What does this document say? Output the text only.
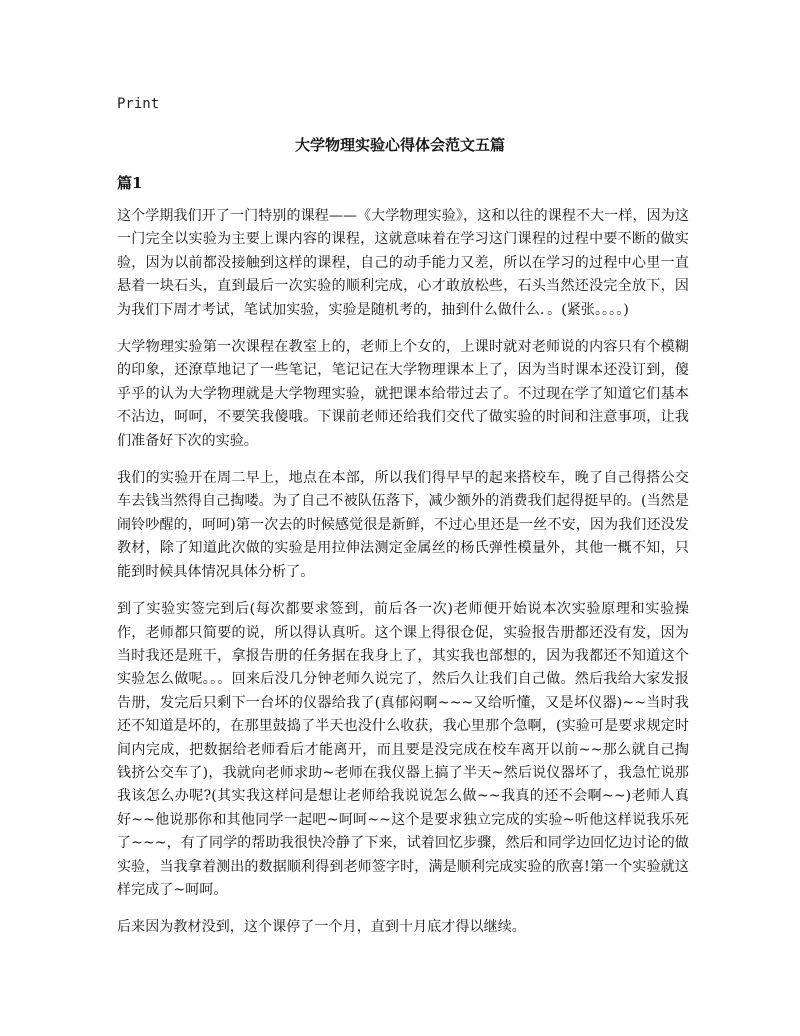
Print
大学物理实验心得体会范文五篇
篇1

这个学期我们开了一门特别的课程——《大学物理实验》，这和以往的课程不大一样，因为这一门完全以实验为主要上课内容的课程，这就意味着在学习这门课程的过程中要不断的做实验，因为以前都没接触到这样的课程，自己的动手能力又差，所以在学习的过程中心里一直悬着一块石头，直到最后一次实验的顺利完成，心才敢放松些，石头当然还没完全放下，因为我们下周才考试，笔试加实验，实验是随机考的，抽到什么做什么．。(紧张。。。。)

大学物理实验第一次课程在教室上的，老师上个女的，上课时就对老师说的内容只有个模糊的印象，还潦草地记了一些笔记，笔记记在大学物理课本上了，因为当时课本还没订到，傻乎乎的认为大学物理就是大学物理实验，就把课本给带过去了。不过现在学了知道它们基本不沾边，呵呵，不要笑我傻哦。下课前老师还给我们交代了做实验的时间和注意事项，让我们准备好下次的实验。

我们的实验开在周二早上，地点在本部，所以我们得早早的起来搭校车，晚了自己得搭公交车去钱当然得自己掏喽。为了自己不被队伍落下，减少额外的消费我们起得挺早的。(当然是闹铃吵醒的，呵呵)第一次去的时候感觉很是新鲜，不过心里还是一丝不安，因为我们还没发教材，除了知道此次做的实验是用拉伸法测定金属丝的杨氏弹性模量外，其他一概不知，只能到时候具体情况具体分析了。

到了实验实签完到后(每次都要求签到，前后各一次)老师便开始说本次实验原理和实验操作，老师都只简要的说，所以得认真听。这个课上得很仓促，实验报告册都还没有发，因为当时我还是班干，拿报告册的任务据在我身上了，其实我也部想的，因为我都还不知道这个实验怎么做呢。。。回来后没几分钟老师久说完了，然后久让我们自己做。然后我给大家发报告册，发完后只剩下一台坏的仪器给我了(真郁闷啊~~~又给听懂，又是坏仪器)~~当时我还不知道是坏的，在那里鼓捣了半天也没什么收获，我心里那个急啊，(实验可是要求规定时间内完成，把数据给老师看后才能离开，而且要是没完成在校车离开以前~~那么就自己掏钱挤公交车了)，我就向老师求助~老师在我仪器上搞了半天~然后说仪器坏了，我急忙说那我该怎么办呢?(其实我这样问是想让老师给我说说怎么做~~我真的还不会啊~~)老师人真好~~他说那你和其他同学一起吧~呵呵~~这个是要求独立完成的实验~听他这样说我乐死了~~~，有了同学的帮助我很快冷静了下来，试着回忆步骤，然后和同学边回忆边讨论的做实验，当我拿着测出的数据顺利得到老师签字时，满是顺利完成实验的欣喜!第一个实验就这样完成了~呵呵。

后来因为教材没到，这个课停了一个月，直到十月底才得以继续。
